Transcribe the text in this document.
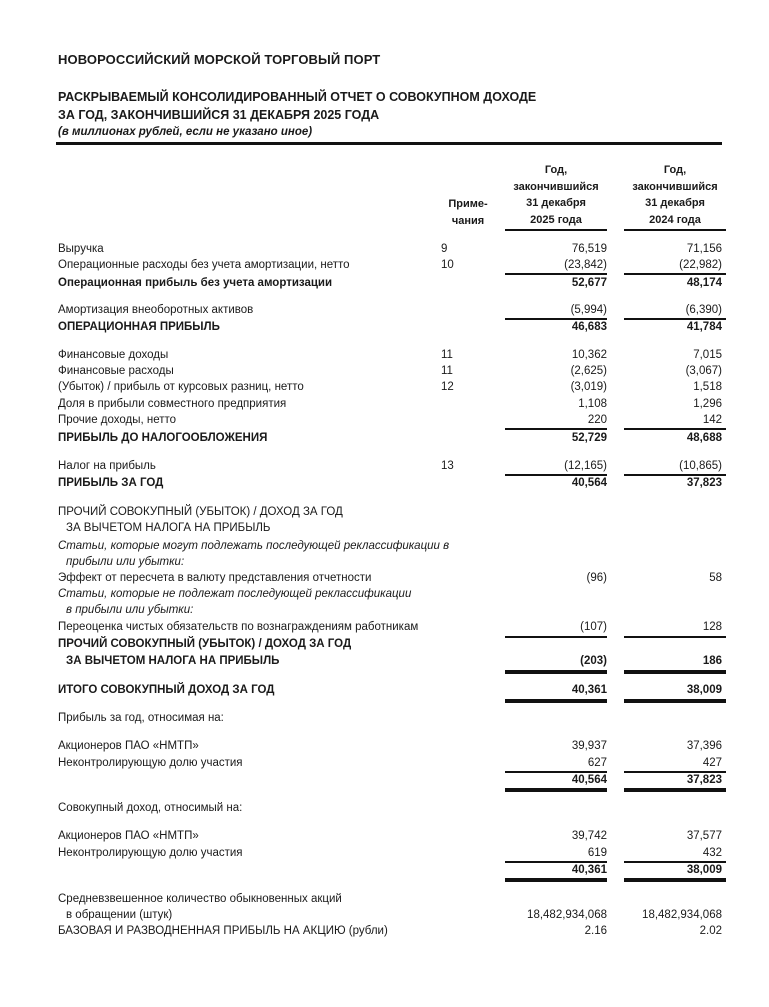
НОВОРОССИЙСКИЙ МОРСКОЙ ТОРГОВЫЙ ПОРТ
РАСКРЫВАЕМЫЙ КОНСОЛИДИРОВАННЫЙ ОТЧЕТ О СОВОКУПНОМ ДОХОДЕ
ЗА ГОД, ЗАКОНЧИВШИЙСЯ 31 ДЕКАБРЯ 2025 ГОДА
(в миллионах рублей, если не указано иное)
Приме-
чания
Год,
закончившийся
31 декабря
2025 года
Год,
закончившийся
31 декабря
2024 года
Выручка	9	76,519	71,156
Операционные расходы без учета амортизации, нетто	10	(23,842)	(22,982)
Операционная прибыль без учета амортизации	52,677	48,174
Амортизация внеоборотных активов	(5,994)	(6,390)
ОПЕРАЦИОННАЯ ПРИБЫЛЬ	46,683	41,784
Финансовые доходы	11	10,362	7,015
Финансовые расходы	11	(2,625)	(3,067)
(Убыток) / прибыль от курсовых разниц, нетто	12	(3,019)	1,518
Доля в прибыли совместного предприятия	1,108	1,296
Прочие доходы, нетто	220	142
ПРИБЫЛЬ ДО НАЛОГООБЛОЖЕНИЯ	52,729	48,688
Налог на прибыль	13	(12,165)	(10,865)
ПРИБЫЛЬ ЗА ГОД	40,564	37,823
ПРОЧИЙ СОВОКУПНЫЙ (УБЫТОК) / ДОХОД ЗА ГОД
ЗА ВЫЧЕТОМ НАЛОГА НА ПРИБЫЛЬ
Статьи, которые могут подлежать последующей реклассификации в
прибыли или убытки:
Эффект от пересчета в валюту представления отчетности	(96)	58
Статьи, которые не подлежат последующей реклассификации
в прибыли или убытки:
Переоценка чистых обязательств по вознаграждениям работникам	(107)	128
ПРОЧИЙ СОВОКУПНЫЙ (УБЫТОК) / ДОХОД ЗА ГОД
ЗА ВЫЧЕТОМ НАЛОГА НА ПРИБЫЛЬ	(203)	186
ИТОГО СОВОКУПНЫЙ ДОХОД ЗА ГОД	40,361	38,009
Прибыль за год, относимая на:
Акционеров ПАО «НМТП»	39,937	37,396
Неконтролирующую долю участия	627	427
40,564	37,823
Совокупный доход, относимый на:
Акционеров ПАО «НМТП»	39,742	37,577
Неконтролирующую долю участия	619	432
40,361	38,009
Средневзвешенное количество обыкновенных акций
в обращении (штук)	18,482,934,068	18,482,934,068
БАЗОВАЯ И РАЗВОДНЕННАЯ ПРИБЫЛЬ НА АКЦИЮ (рубли)	2.16	2.02
